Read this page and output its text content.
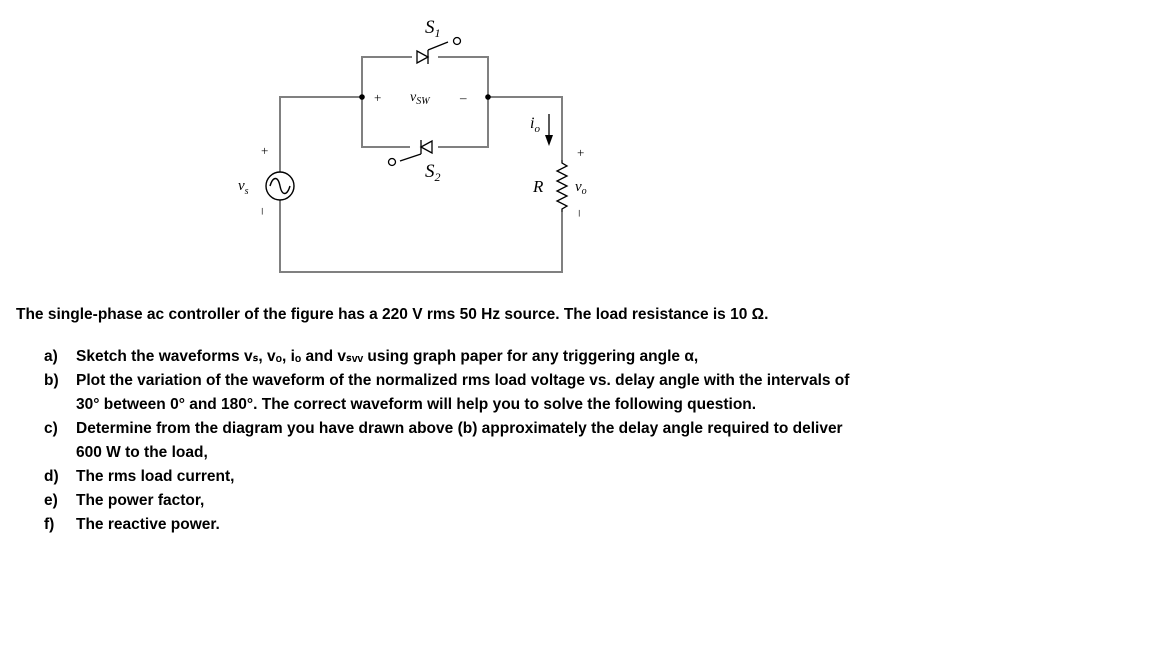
$S_1$
$S_2$
+ $v_{SW}$ –
$i_o$
+
$v_s$
–
R
+
$v_o$
–
The single-phase ac controller of the figure has a 220 V rms 50 Hz source. The load resistance is 10 Ω.
a) Sketch the waveforms vₛ, vₒ, iₒ and vₛᵥᵥ using graph paper for any triggering angle α,
b) Plot the variation of the waveform of the normalized rms load voltage vs. delay angle with the intervals of
30° between 0° and 180°. The correct waveform will help you to solve the following question.
c) Determine from the diagram you have drawn above (b) approximately the delay angle required to deliver
600 W to the load,
d) The rms load current,
e) The power factor,
f) The reactive power.
